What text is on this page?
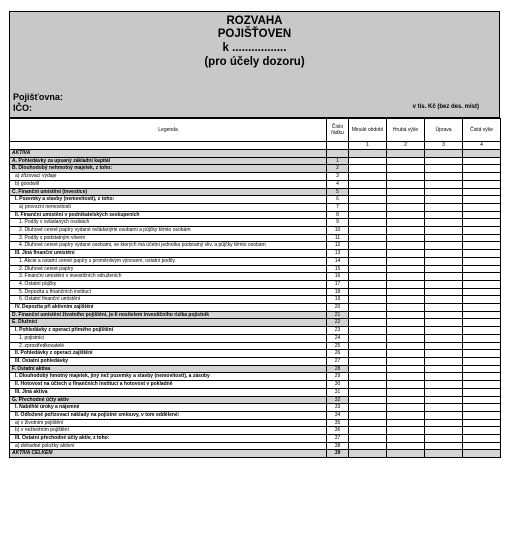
ROZVAHA
POJIŠŤOVEN
k .................
(pro účely dozoru)
Pojišťovna:
IČO:	v tis. Kč (bez des. míst)
Legenda	Číslo řádku	Minulé období	Hrubá výše	Úprava	Čistá výše
		1	2	3	4
AKTIVA					
A. Pohledávky za upsaný základní kapitál	1				
B. Dlouhodobý nehmotný majetek, z toho:	2				
a) zřizovací výdaje	3				
b) goodwill	4				
C. Finanční umístění (investice)	5				
I. Pozemky a stavby (nemovitosti), z toho:	6				
a) provozní nemovitosti	7				
II. Finanční umístění v podnikatelských seskupeních	8				
1. Podíly v ovládaných osobách	9				
2. Dluhové cenné papíry vydané ovládanými osobami a půjčky těmto osobám	10				
3. Podíly s podstatným vlivem	11				
4. Dluhové cenné papíry vydané osobami, ve kterých má účetní jednotka podstatný vliv, a půjčky těmto osobám	12				
III. Jiná finanční umístění	13				
1. Akcie a ostatní cenné papíry s proměnlivým výnosem, ostatní podíly.	14				
2. Dluhové cenné papíry	15				
3. Finanční umístění v investičních sdruženích	16				
4. Ostatní půjčky	17				
5. Depozita u finančních institucí	18				
6. Ostatní finanční umístění	19				
IV. Depozita při aktivním zajištění	20				
D. Finanční umístění životního pojištění, je-li nositelem investičního rizika pojistník	21				
E. Dlužníci	22				
I. Pohledávky z operací přímého pojištění	23				
1. pojistníci	24				
2. zprostředkovatelé	25				
II. Pohledávky z operací zajištění	26				
III. Ostatní pohledávky	27				
F. Ostatní aktiva	28				
I. Dlouhodobý hmotný majetek, jiný než pozemky a stavby (nemovitosti), a zásoby	29				
II. Hotovost na účtech u finančních institucí a hotovost v pokladně	30				
III. Jiná aktiva	31				
G. Přechodné účty aktiv	32				
I. Naběhlé úroky a nájemné	33				
II. Odložené pořizovací náklady na pojistné smlouvy, v tom oddělené:	34				
a) v životním pojištění	35				
b) v neživotním pojištění	36				
III. Ostatní přechodné účty aktiv, z toho:	37				
a) dohadné položky aktivní	38				
AKTIVA CELKEM	39				
